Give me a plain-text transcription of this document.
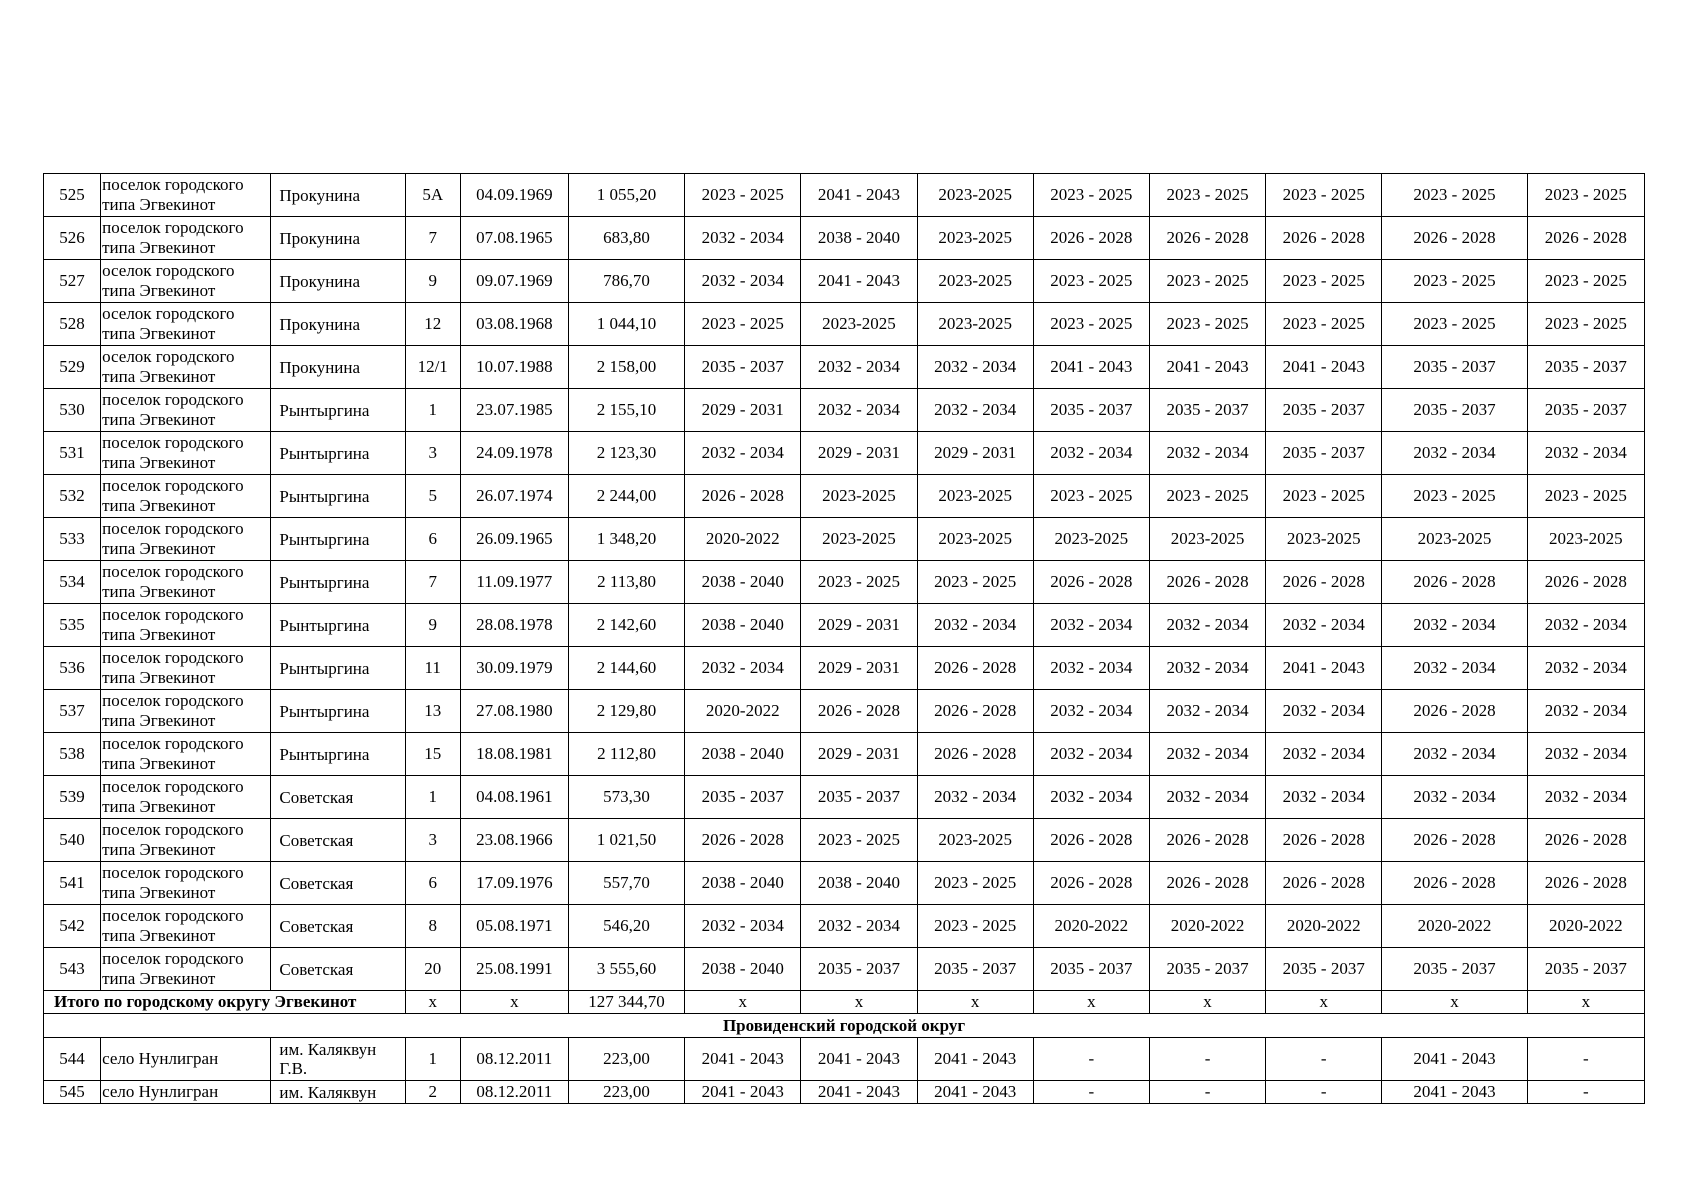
525	поселок городского типа Эгвекинот	Прокунина	5А	04.09.1969	1 055,20	2023 - 2025	2041 - 2043	2023-2025	2023 - 2025	2023 - 2025	2023 - 2025	2023 - 2025	2023 - 2025
526	поселок городского типа Эгвекинот	Прокунина	7	07.08.1965	683,80	2032 - 2034	2038 - 2040	2023-2025	2026 - 2028	2026 - 2028	2026 - 2028	2026 - 2028	2026 - 2028
527	оселок городского типа Эгвекинот	Прокунина	9	09.07.1969	786,70	2032 - 2034	2041 - 2043	2023-2025	2023 - 2025	2023 - 2025	2023 - 2025	2023 - 2025	2023 - 2025
528	оселок городского типа Эгвекинот	Прокунина	12	03.08.1968	1 044,10	2023 - 2025	2023-2025	2023-2025	2023 - 2025	2023 - 2025	2023 - 2025	2023 - 2025	2023 - 2025
529	оселок городского типа Эгвекинот	Прокунина	12/1	10.07.1988	2 158,00	2035 - 2037	2032 - 2034	2032 - 2034	2041 - 2043	2041 - 2043	2041 - 2043	2035 - 2037	2035 - 2037
530	поселок городского типа Эгвекинот	Рынтыргина	1	23.07.1985	2 155,10	2029 - 2031	2032 - 2034	2032 - 2034	2035 - 2037	2035 - 2037	2035 - 2037	2035 - 2037	2035 - 2037
531	поселок городского типа Эгвекинот	Рынтыргина	3	24.09.1978	2 123,30	2032 - 2034	2029 - 2031	2029 - 2031	2032 - 2034	2032 - 2034	2035 - 2037	2032 - 2034	2032 - 2034
532	поселок городского типа Эгвекинот	Рынтыргина	5	26.07.1974	2 244,00	2026 - 2028	2023-2025	2023-2025	2023 - 2025	2023 - 2025	2023 - 2025	2023 - 2025	2023 - 2025
533	поселок городского типа Эгвекинот	Рынтыргина	6	26.09.1965	1 348,20	2020-2022	2023-2025	2023-2025	2023-2025	2023-2025	2023-2025	2023-2025	2023-2025
534	поселок городского типа Эгвекинот	Рынтыргина	7	11.09.1977	2 113,80	2038 - 2040	2023 - 2025	2023 - 2025	2026 - 2028	2026 - 2028	2026 - 2028	2026 - 2028	2026 - 2028
535	поселок городского типа Эгвекинот	Рынтыргина	9	28.08.1978	2 142,60	2038 - 2040	2029 - 2031	2032 - 2034	2032 - 2034	2032 - 2034	2032 - 2034	2032 - 2034	2032 - 2034
536	поселок городского типа Эгвекинот	Рынтыргина	11	30.09.1979	2 144,60	2032 - 2034	2029 - 2031	2026 - 2028	2032 - 2034	2032 - 2034	2041 - 2043	2032 - 2034	2032 - 2034
537	поселок городского типа Эгвекинот	Рынтыргина	13	27.08.1980	2 129,80	2020-2022	2026 - 2028	2026 - 2028	2032 - 2034	2032 - 2034	2032 - 2034	2026 - 2028	2032 - 2034
538	поселок городского типа Эгвекинот	Рынтыргина	15	18.08.1981	2 112,80	2038 - 2040	2029 - 2031	2026 - 2028	2032 - 2034	2032 - 2034	2032 - 2034	2032 - 2034	2032 - 2034
539	поселок городского типа Эгвекинот	Советская	1	04.08.1961	573,30	2035 - 2037	2035 - 2037	2032 - 2034	2032 - 2034	2032 - 2034	2032 - 2034	2032 - 2034	2032 - 2034
540	поселок городского типа Эгвекинот	Советская	3	23.08.1966	1 021,50	2026 - 2028	2023 - 2025	2023-2025	2026 - 2028	2026 - 2028	2026 - 2028	2026 - 2028	2026 - 2028
541	поселок городского типа Эгвекинот	Советская	6	17.09.1976	557,70	2038 - 2040	2038 - 2040	2023 - 2025	2026 - 2028	2026 - 2028	2026 - 2028	2026 - 2028	2026 - 2028
542	поселок городского типа Эгвекинот	Советская	8	05.08.1971	546,20	2032 - 2034	2032 - 2034	2023 - 2025	2020-2022	2020-2022	2020-2022	2020-2022	2020-2022
543	поселок городского типа Эгвекинот	Советская	20	25.08.1991	3 555,60	2038 - 2040	2035 - 2037	2035 - 2037	2035 - 2037	2035 - 2037	2035 - 2037	2035 - 2037	2035 - 2037
Итого по городскому округу Эгвекинот			х	х	127 344,70	х	х	х	х	х	х	х	х
Провиденский городской округ													
544	село Нунлигран	им. Каляквун Г.В.	1	08.12.2011	223,00	2041 - 2043	2041 - 2043	2041 - 2043	-	-	-	2041 - 2043	-
545	село Нунлигран	им. Каляквун	2	08.12.2011	223,00	2041 - 2043	2041 - 2043	2041 - 2043	-	-	-	2041 - 2043	-
